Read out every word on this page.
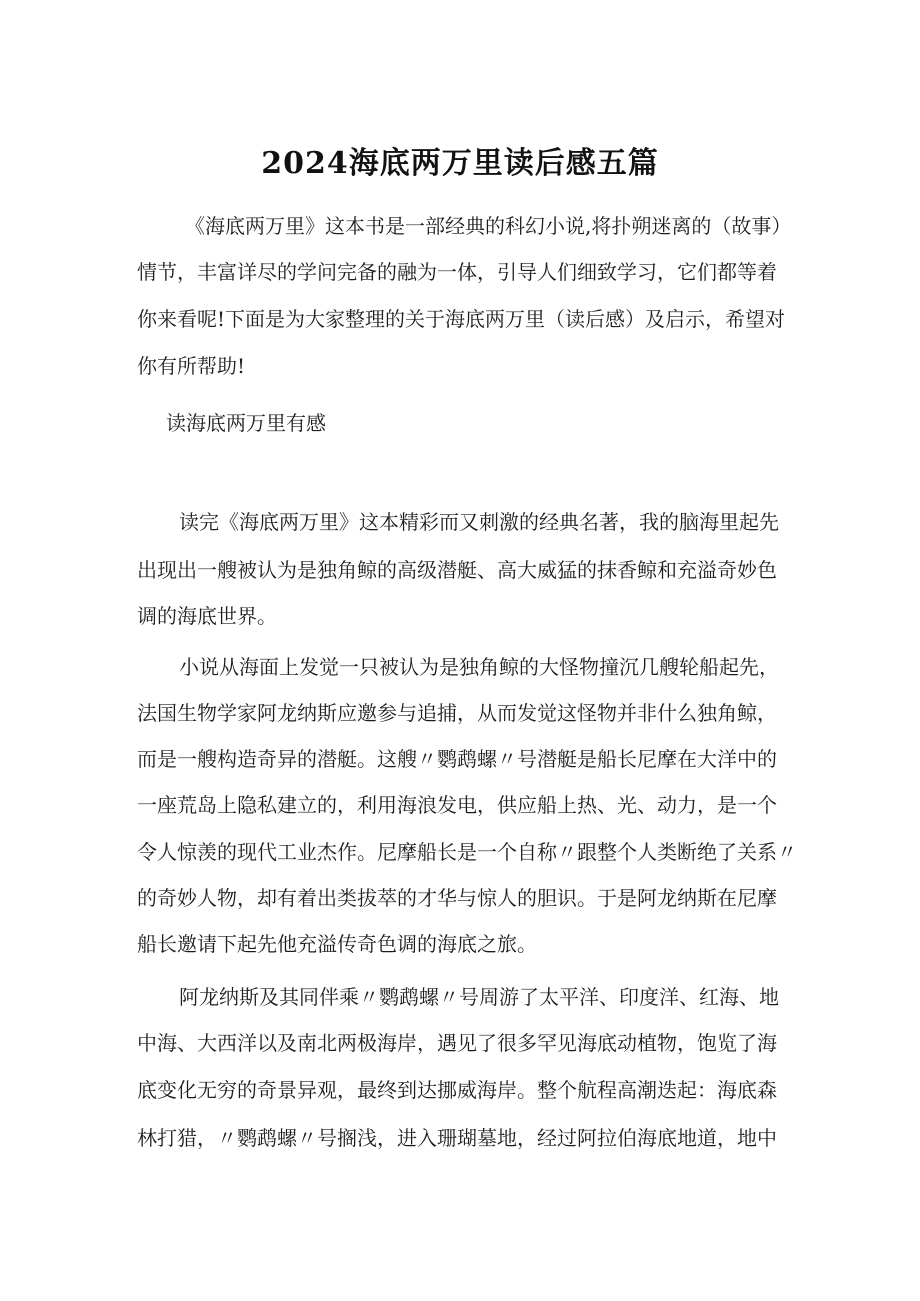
2024海底两万里读后感五篇
《海底两万里》这本书是一部经典的科幻小说,将扑朔迷离的（故事）
情节，丰富详尽的学问完备的融为一体，引导人们细致学习，它们都等着
你来看呢!下面是为大家整理的关于海底两万里（读后感）及启示，希望对
你有所帮助!
读海底两万里有感
读完《海底两万里》这本精彩而又刺激的经典名著，我的脑海里起先
出现出一艘被认为是独角鲸的高级潜艇、高大威猛的抹香鲸和充溢奇妙色
调的海底世界。
小说从海面上发觉一只被认为是独角鲸的大怪物撞沉几艘轮船起先，
法国生物学家阿龙纳斯应邀参与追捕，从而发觉这怪物并非什么独角鲸，
而是一艘构造奇异的潜艇。这艘〃鹦鹉螺〃号潜艇是船长尼摩在大洋中的
一座荒岛上隐私建立的，利用海浪发电，供应船上热、光、动力，是一个
令人惊羡的现代工业杰作。尼摩船长是一个自称〃跟整个人类断绝了关系〃
的奇妙人物，却有着出类拔萃的才华与惊人的胆识。于是阿龙纳斯在尼摩
船长邀请下起先他充溢传奇色调的海底之旅。
阿龙纳斯及其同伴乘〃鹦鹉螺〃号周游了太平洋、印度洋、红海、地
中海、大西洋以及南北两极海岸，遇见了很多罕见海底动植物，饱览了海
底变化无穷的奇景异观，最终到达挪威海岸。整个航程高潮迭起：海底森
林打猎，〃鹦鹉螺〃号搁浅，进入珊瑚墓地，经过阿拉伯海底地道，地中
